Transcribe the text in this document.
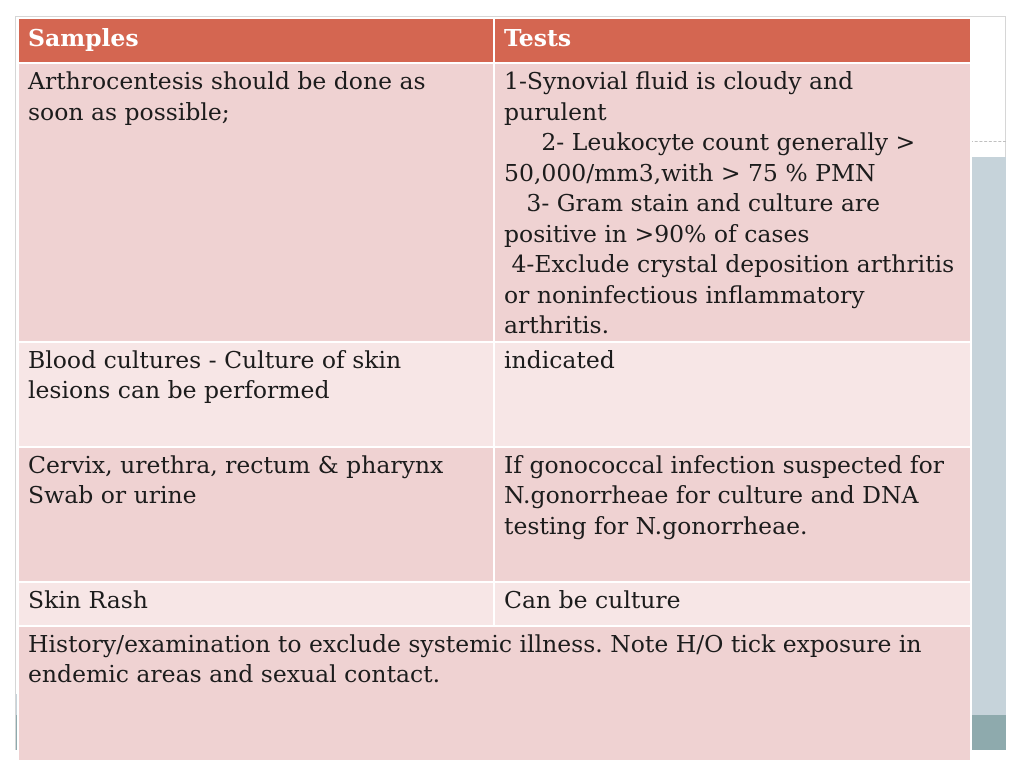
Samples	Tests
Arthrocentesis should be done as soon as possible;	1-Synovial fluid is cloudy and purulent
2- Leukocyte count generally > 50,000/mm3,with > 75 % PMN
3- Gram stain and culture are positive in >90% of cases
4-Exclude crystal deposition arthritis or noninfectious inflammatory arthritis.
Blood cultures - Culture of skin lesions can be performed	indicated
Cervix, urethra, rectum & pharynx Swab or urine	If gonococcal infection suspected for N.gonorrheae for culture and DNA testing for N.gonorrheae.
Skin Rash	Can be culture
History/examination to exclude systemic illness. Note H/O tick exposure in endemic areas and sexual contact.	
